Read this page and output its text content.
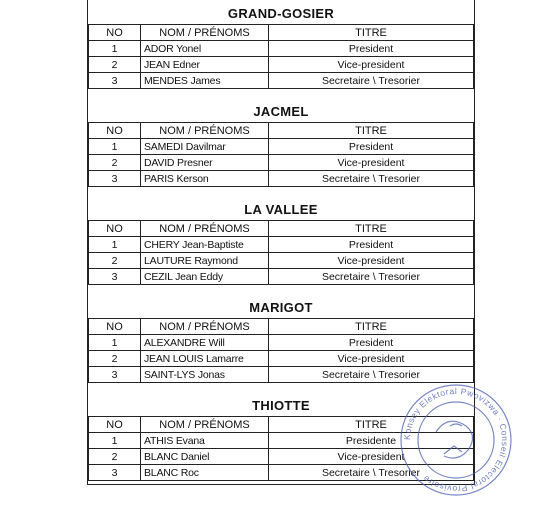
GRAND-GOSIER
NO	NOM / PRÉNOMS	TITRE
1	ADOR Yonel	President
2	JEAN Edner	Vice-president
3	MENDES James	Secretaire \ Tresorier
JACMEL
NO	NOM / PRÉNOMS	TITRE
1	SAMEDI Davilmar	President
2	DAVID Presner	Vice-president
3	PARIS Kerson	Secretaire \ Tresorier
LA VALLEE
NO	NOM / PRÉNOMS	TITRE
1	CHERY Jean-Baptiste	President
2	LAUTURE Raymond	Vice-president
3	CEZIL Jean Eddy	Secretaire \ Tresorier
MARIGOT
NO	NOM / PRÉNOMS	TITRE
1	ALEXANDRE Will	President
2	JEAN LOUIS Lamarre	Vice-president
3	SAINT-LYS Jonas	Secretaire \ Tresorier
THIOTTE
NO	NOM / PRÉNOMS	TITRE
1	ATHIS Evana	Presidente
2	BLANC Daniel	Vice-president
3	BLANC Roc	Secretaire \ Tresorier
Konsey Elektoral Pwovizwa · Conseil Electoral Provisoire
